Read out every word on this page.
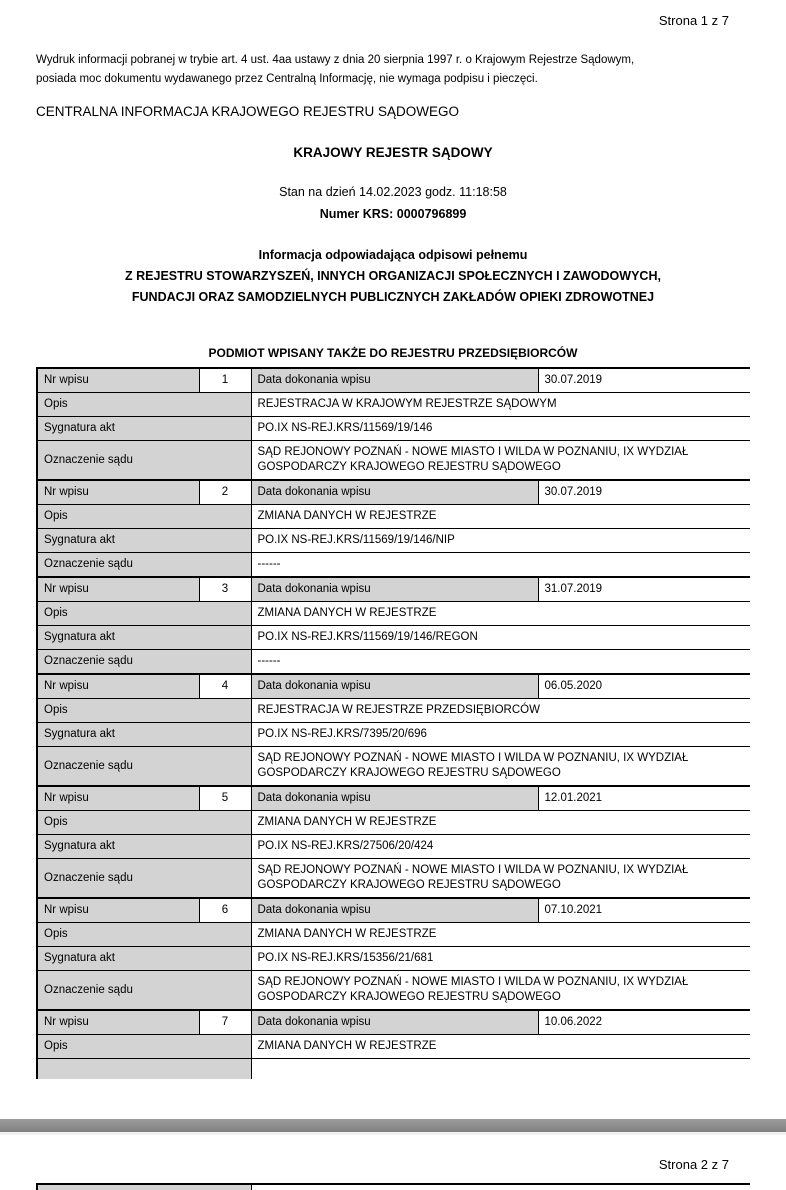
Strona 1 z 7
Wydruk informacji pobranej w trybie art. 4 ust. 4aa ustawy z dnia 20 sierpnia 1997 r. o Krajowym Rejestrze Sądowym,
posiada moc dokumentu wydawanego przez Centralną Informację, nie wymaga podpisu i pieczęci.
CENTRALNA INFORMACJA KRAJOWEGO REJESTRU SĄDOWEGO
KRAJOWY REJESTR SĄDOWY
Stan na dzień 14.02.2023 godz. 11:18:58
Numer KRS: 0000796899
Informacja odpowiadająca odpisowi pełnemu
Z REJESTRU STOWARZYSZEŃ, INNYCH ORGANIZACJI SPOŁECZNYCH I ZAWODOWYCH,
FUNDACJI ORAZ SAMODZIELNYCH PUBLICZNYCH ZAKŁADÓW OPIEKI ZDROWOTNEJ
PODMIOT WPISANY TAKŻE DO REJESTRU PRZEDSIĘBIORCÓW
Nr wpisu	1	Data dokonania wpisu	30.07.2019
Opis		REJESTRACJA W KRAJOWYM REJESTRZE SĄDOWYM	
Sygnatura akt		PO.IX NS-REJ.KRS/11569/19/146	
Oznaczenie sądu		SĄD REJONOWY POZNAŃ - NOWE MIASTO I WILDA W POZNANIU, IX WYDZIAŁ GOSPODARCZY KRAJOWEGO REJESTRU SĄDOWEGO	
Nr wpisu	2	Data dokonania wpisu	30.07.2019
Opis		ZMIANA DANYCH W REJESTRZE	
Sygnatura akt		PO.IX NS-REJ.KRS/11569/19/146/NIP	
Oznaczenie sądu		------	
Nr wpisu	3	Data dokonania wpisu	31.07.2019
Opis		ZMIANA DANYCH W REJESTRZE	
Sygnatura akt		PO.IX NS-REJ.KRS/11569/19/146/REGON	
Oznaczenie sądu		------	
Nr wpisu	4	Data dokonania wpisu	06.05.2020
Opis		REJESTRACJA W REJESTRZE PRZEDSIĘBIORCÓW	
Sygnatura akt		PO.IX NS-REJ.KRS/7395/20/696	
Oznaczenie sądu		SĄD REJONOWY POZNAŃ - NOWE MIASTO I WILDA W POZNANIU, IX WYDZIAŁ GOSPODARCZY KRAJOWEGO REJESTRU SĄDOWEGO	
Nr wpisu	5	Data dokonania wpisu	12.01.2021
Opis		ZMIANA DANYCH W REJESTRZE	
Sygnatura akt		PO.IX NS-REJ.KRS/27506/20/424	
Oznaczenie sądu		SĄD REJONOWY POZNAŃ - NOWE MIASTO I WILDA W POZNANIU, IX WYDZIAŁ GOSPODARCZY KRAJOWEGO REJESTRU SĄDOWEGO	
Nr wpisu	6	Data dokonania wpisu	07.10.2021
Opis		ZMIANA DANYCH W REJESTRZE	
Sygnatura akt		PO.IX NS-REJ.KRS/15356/21/681	
Oznaczenie sądu		SĄD REJONOWY POZNAŃ - NOWE MIASTO I WILDA W POZNANIU, IX WYDZIAŁ GOSPODARCZY KRAJOWEGO REJESTRU SĄDOWEGO	
Nr wpisu	7	Data dokonania wpisu	10.06.2022
Opis		ZMIANA DANYCH W REJESTRZE	

Strona 2 z 7
